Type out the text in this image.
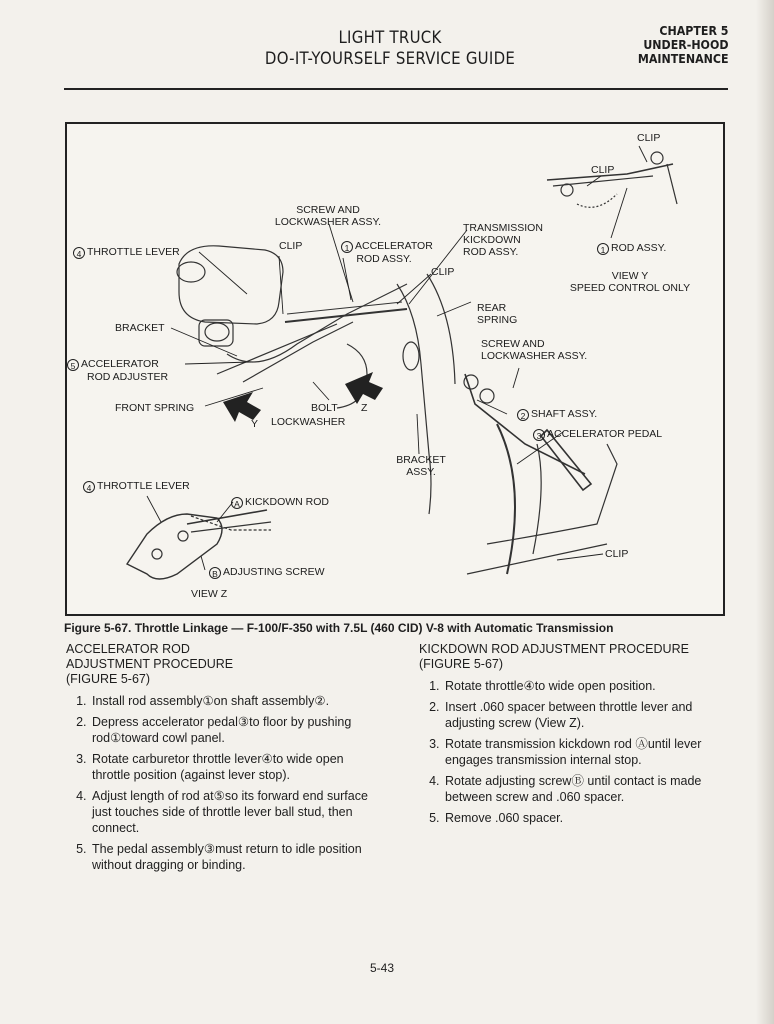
LIGHT TRUCK
DO-IT-YOURSELF SERVICE GUIDE
CHAPTER 5
UNDER-HOOD
MAINTENANCE
CLIP
CLIP
SCREW AND
LOCKWASHER ASSY.	TRANSMISSION
KICKDOWN
ROD ASSY.	1 ROD ASSY.
4 THROTTLE LEVER	CLIP	1 ACCELERATOR
ROD ASSY.
CLIP	VIEW Y
SPEED CONTROL ONLY
REAR
SPRING
BRACKET
SCREW AND
LOCKWASHER ASSY.
5 ACCELERATOR
ROD ADJUSTER
FRONT SPRING	BOLT Z
Y LOCKWASHER	2 SHAFT ASSY.
3 ACCELERATOR PEDAL
BRACKET
ASSY.
4 THROTTLE LEVER
A KICKDOWN ROD
B ADJUSTING SCREW
CLIP
VIEW Z
Figure 5-67. Throttle Linkage — F-100/F-350 with 7.5L (460 CID) V-8 with Automatic Transmission
ACCELERATOR ROD
ADJUSTMENT PROCEDURE
(FIGURE 5-67)
1. Install rod assembly①on shaft assembly②.
2. Depress accelerator pedal③to floor by pushing rod①toward cowl panel.
3. Rotate carburetor throttle lever④to wide open throttle position (against lever stop).
4. Adjust length of rod at⑤so its forward end surface just touches side of throttle lever ball stud, then connect.
5. The pedal assembly③must return to idle position without dragging or binding.
KICKDOWN ROD ADJUSTMENT PROCEDURE
(FIGURE 5-67)
1. Rotate throttle④to wide open position.
2. Insert .060 spacer between throttle lever and adjusting screw (View Z).
3. Rotate transmission kickdown rod Ⓐuntil lever engages transmission internal stop.
4. Rotate adjusting screwⒷ until contact is made between screw and .060 spacer.
5. Remove .060 spacer.
5-43
